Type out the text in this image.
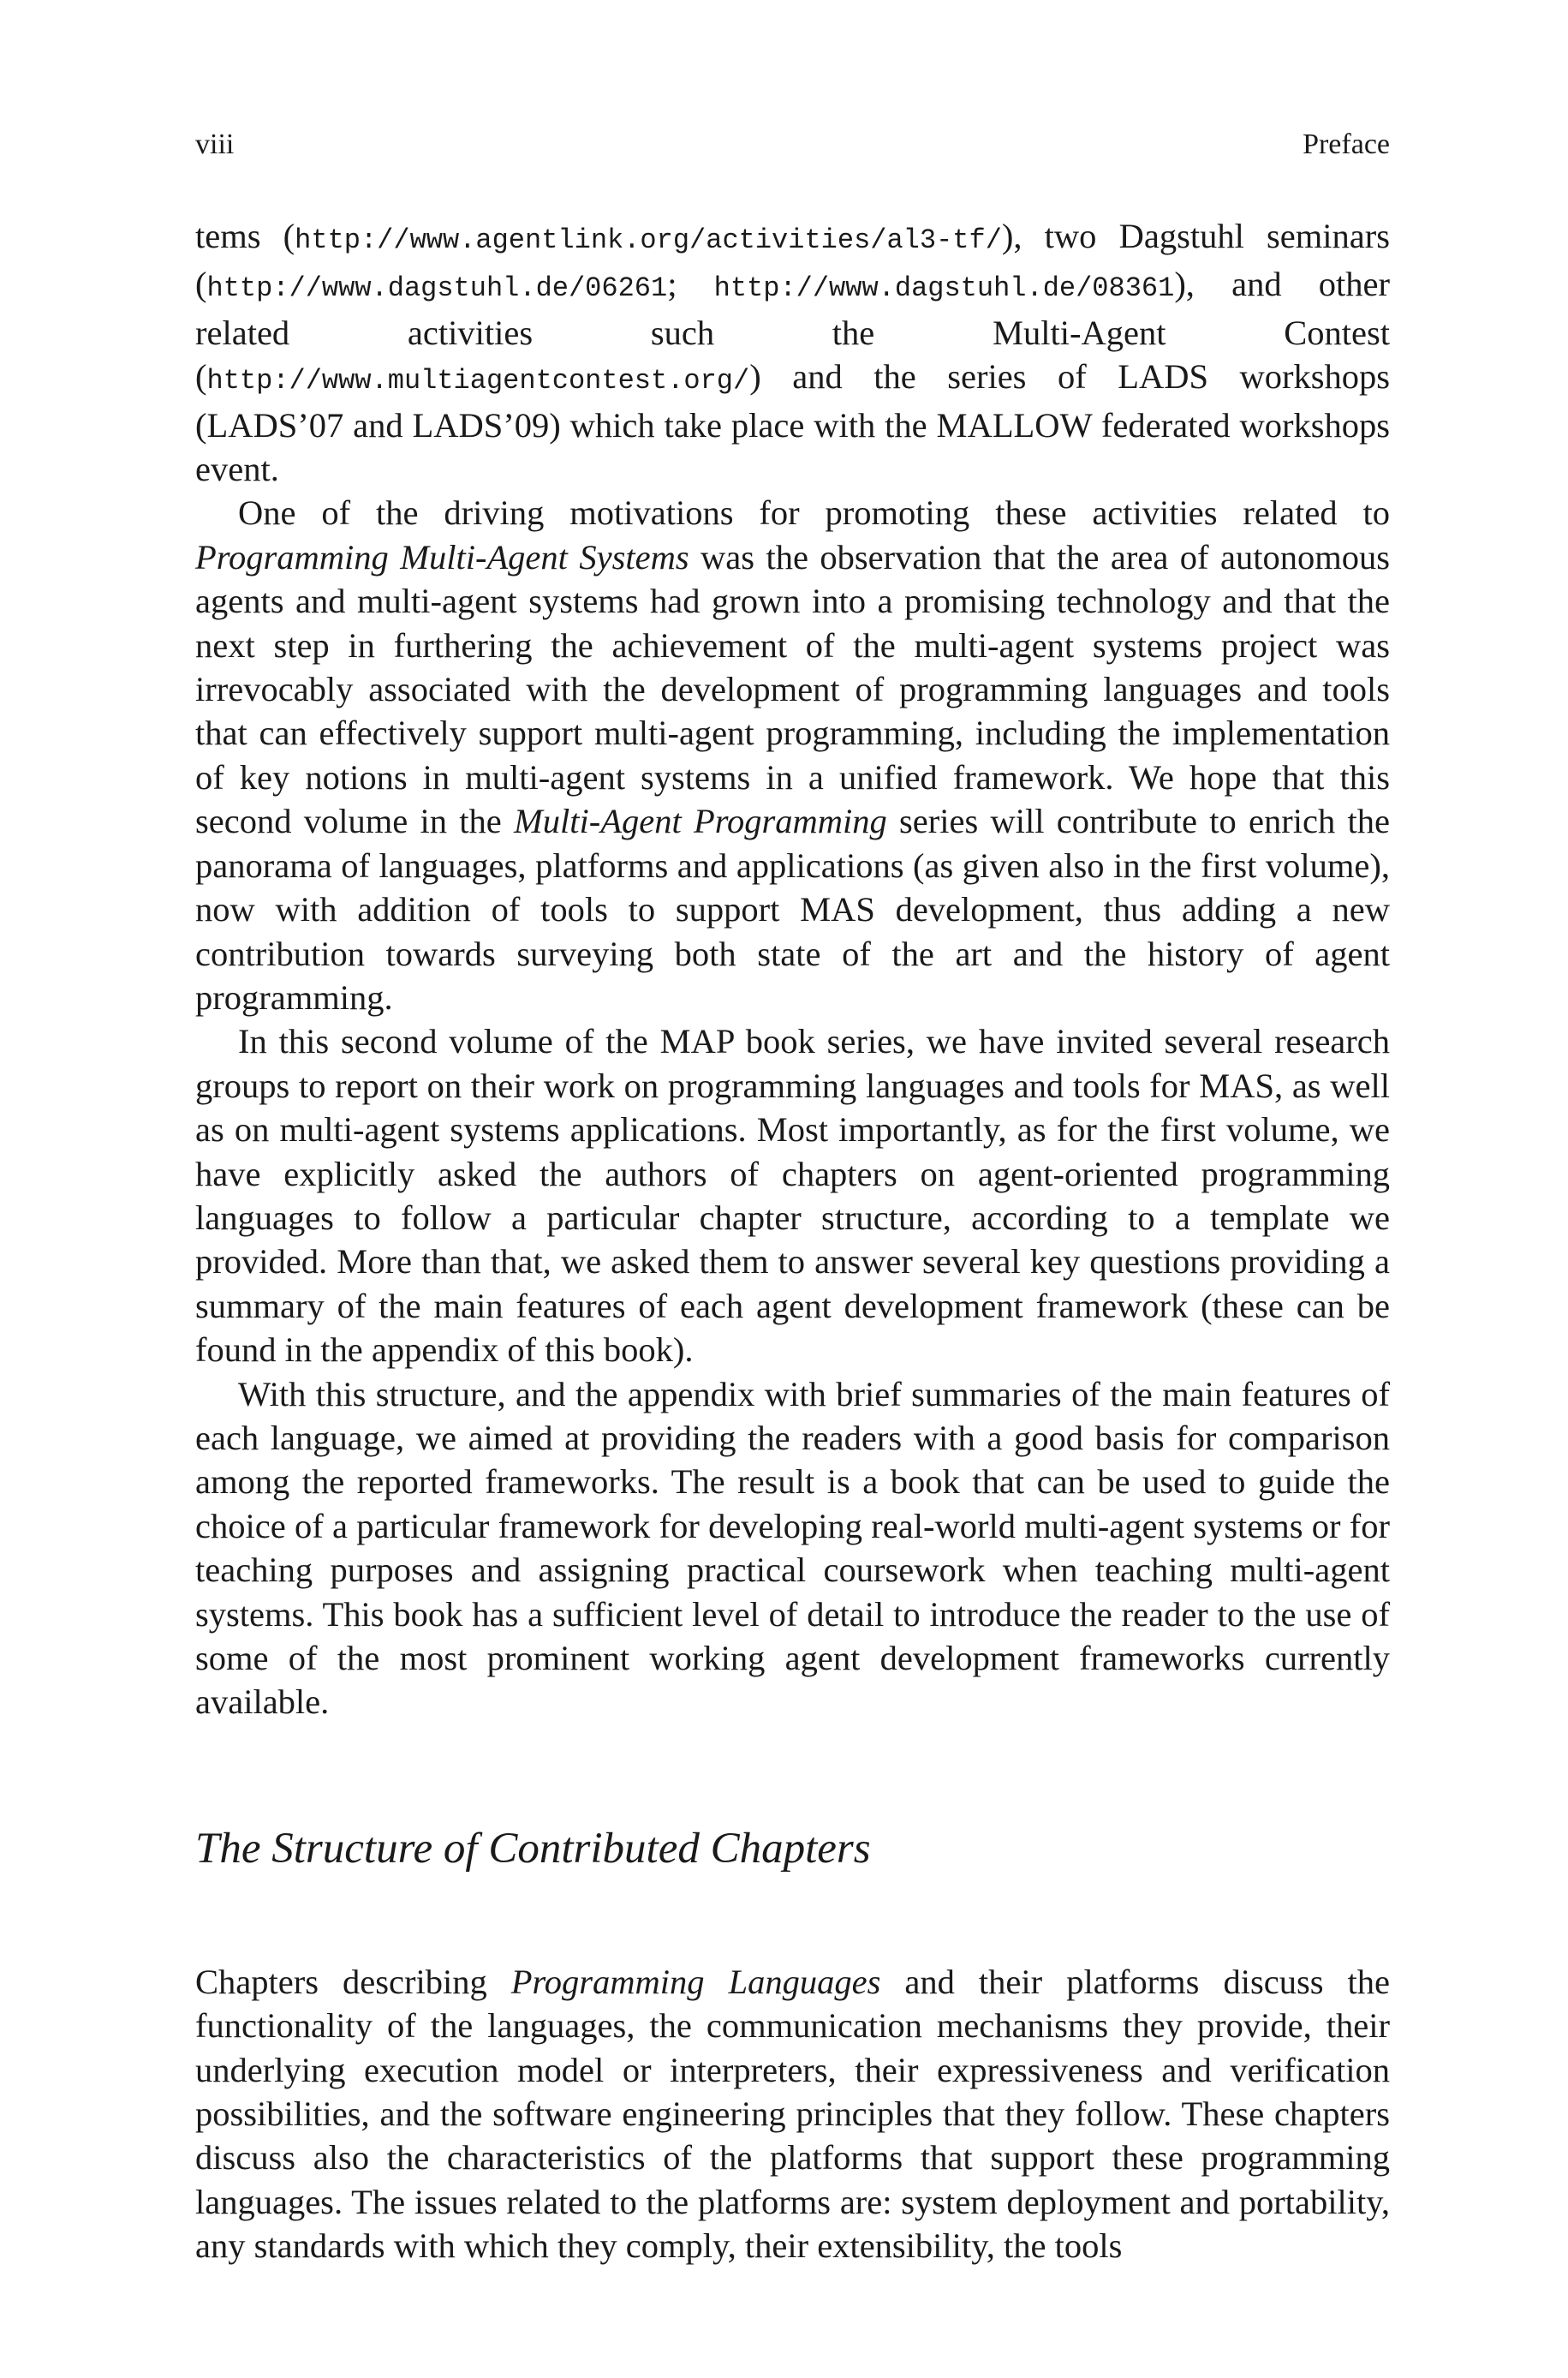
viii	Preface

tems (http://www.agentlink.org/activities/al3-tf/), two Dagstuhl seminars (http://www.dagstuhl.de/06261; http://www.dagstuhl.de/08361), and other related activities such the Multi-Agent Contest (http://www.multiagentcontest.org/) and the series of LADS workshops (LADS’07 and LADS’09) which take place with the MALLOW federated workshops event.

One of the driving motivations for promoting these activities related to Programming Multi-Agent Systems was the observation that the area of autonomous agents and multi-agent systems had grown into a promising technology and that the next step in furthering the achievement of the multi-agent systems project was irrevocably associated with the development of programming languages and tools that can effectively support multi-agent programming, including the implementation of key notions in multi-agent systems in a unified framework. We hope that this second volume in the Multi-Agent Programming series will contribute to enrich the panorama of languages, platforms and applications (as given also in the first volume), now with addition of tools to support MAS development, thus adding a new contribution towards surveying both state of the art and the history of agent programming.

In this second volume of the MAP book series, we have invited several research groups to report on their work on programming languages and tools for MAS, as well as on multi-agent systems applications. Most importantly, as for the first volume, we have explicitly asked the authors of chapters on agent-oriented programming languages to follow a particular chapter structure, according to a template we provided. More than that, we asked them to answer several key questions providing a summary of the main features of each agent development framework (these can be found in the appendix of this book).

With this structure, and the appendix with brief summaries of the main features of each language, we aimed at providing the readers with a good basis for comparison among the reported frameworks. The result is a book that can be used to guide the choice of a particular framework for developing real-world multi-agent systems or for teaching purposes and assigning practical coursework when teaching multi-agent systems. This book has a sufficient level of detail to introduce the reader to the use of some of the most prominent working agent development frameworks currently available.

The Structure of Contributed Chapters

Chapters describing Programming Languages and their platforms discuss the functionality of the languages, the communication mechanisms they provide, their underlying execution model or interpreters, their expressiveness and verification possibilities, and the software engineering principles that they follow. These chapters discuss also the characteristics of the platforms that support these programming languages. The issues related to the platforms are: system deployment and portability, any standards with which they comply, their extensibility, the tools
